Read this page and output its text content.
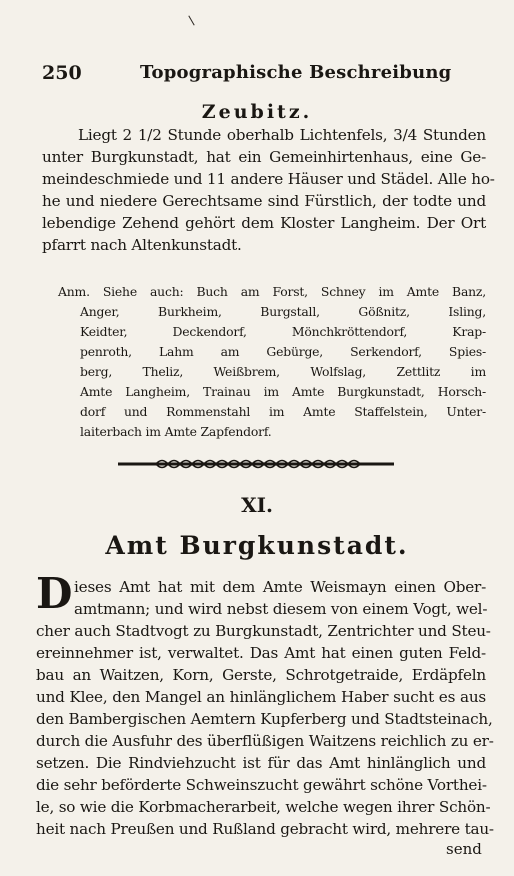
250	Topographische Beschreibung
Zeubitz.
Liegt 2 1/2 Stunde oberhalb Lichtenfels, 3/4 Stunden
unter Burgkunstadt, hat ein Gemeinhirtenhaus, eine Ge-
meindeschmiede und 11 andere Häuser und Städel. Alle ho-
he und niedere Gerechtsame sind Fürstlich, der todte und
lebendige Zehend gehört dem Kloster Langheim. Der Ort
pfarrt nach Altenkunstadt.
Anm. Siehe auch: Buch am Forst, Schney im Amte Banz,
Anger, Burkheim, Burgstall, Gößnitz, Isling,
Keidter, Deckendorf, Mönchkröttendorf, Krap-
penroth, Lahm am Gebürge, Serkendorf, Spies-
berg, Theliz, Weißbrem, Wolfslag, Zettlitz im
Amte Langheim, Trainau im Amte Burgkunstadt, Horsch-
dorf und Rommenstahl im Amte Staffelstein, Unter-
laiterbach im Amte Zapfendorf.
XI.
Amt Burgkunstadt.
D ieses Amt hat mit dem Amte Weismayn einen Ober-
amtmann; und wird nebst diesem von einem Vogt, wel-
cher auch Stadtvogt zu Burgkunstadt, Zentrichter und Steu-
ereinnehmer ist, verwaltet. Das Amt hat einen guten Feld-
bau an Waitzen, Korn, Gerste, Schrotgetraide, Erdäpfeln
und Klee, den Mangel an hinlänglichem Haber sucht es aus
den Bambergischen Aemtern Kupferberg und Stadtsteinach,
durch die Ausfuhr des überflüßigen Waitzens reichlich zu er-
setzen. Die Rindviehzucht ist für das Amt hinlänglich und
die sehr beförderte Schweinszucht gewährt schöne Vorthei-
le, so wie die Korbmacherarbeit, welche wegen ihrer Schön-
heit nach Preußen und Rußland gebracht wird, mehrere tau-
send
